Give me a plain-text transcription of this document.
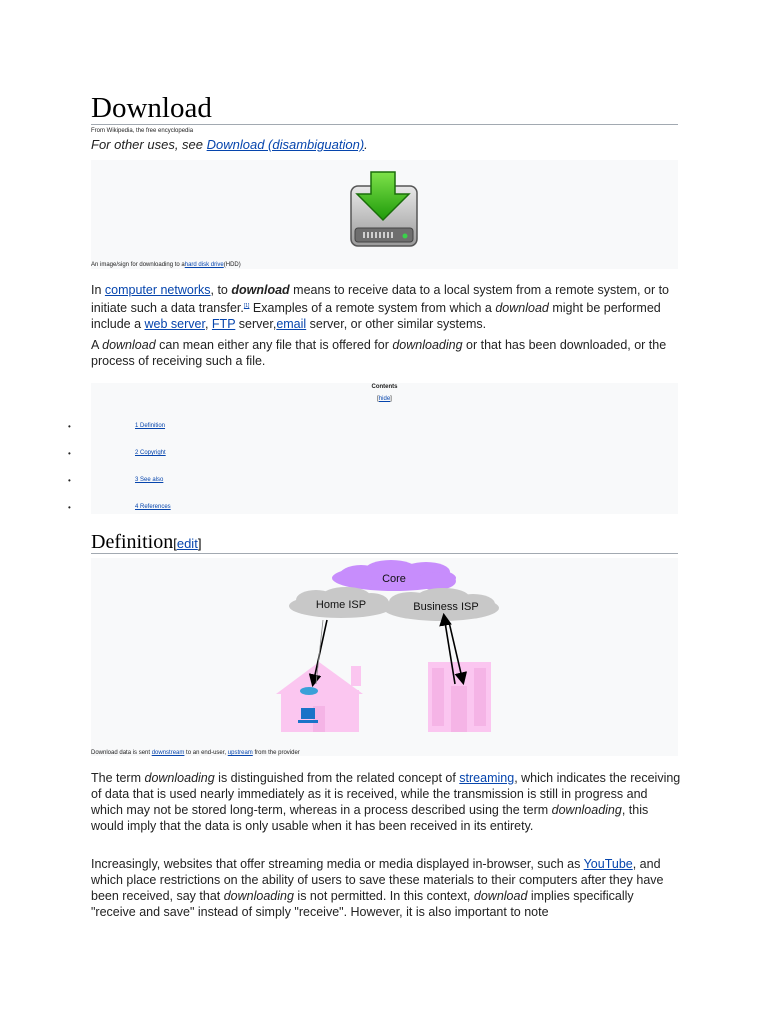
Download
From Wikipedia, the free encyclopedia
For other uses, see Download (disambiguation).
An image/sign for downloading to ahard disk drive(HDD)
In computer networks, to download means to receive data to a local system from a remote system, or to initiate such a data transfer.[1] Examples of a remote system from which a download might be performed include a web server, FTP server,email server, or other similar systems.
A download can mean either any file that is offered for downloading or that has been downloaded, or the process of receiving such a file.
Contents
[hide]
•	1 Definition
•	2 Copyright
•	3 See also
•	4 References
Definition[edit]
Core
Home ISP	Business ISP
Download data is sent downstream to an end-user, upstream from the provider
The term downloading is distinguished from the related concept of streaming, which indicates the receiving of data that is used nearly immediately as it is received, while the transmission is still in progress and which may not be stored long-term, whereas in a process described using the term downloading, this would imply that the data is only usable when it has been received in its entirety.
Increasingly, websites that offer streaming media or media displayed in-browser, such as YouTube, and which place restrictions on the ability of users to save these materials to their computers after they have been received, say that downloading is not permitted. In this context, download implies specifically "receive and save" instead of simply "receive". However, it is also important to note
